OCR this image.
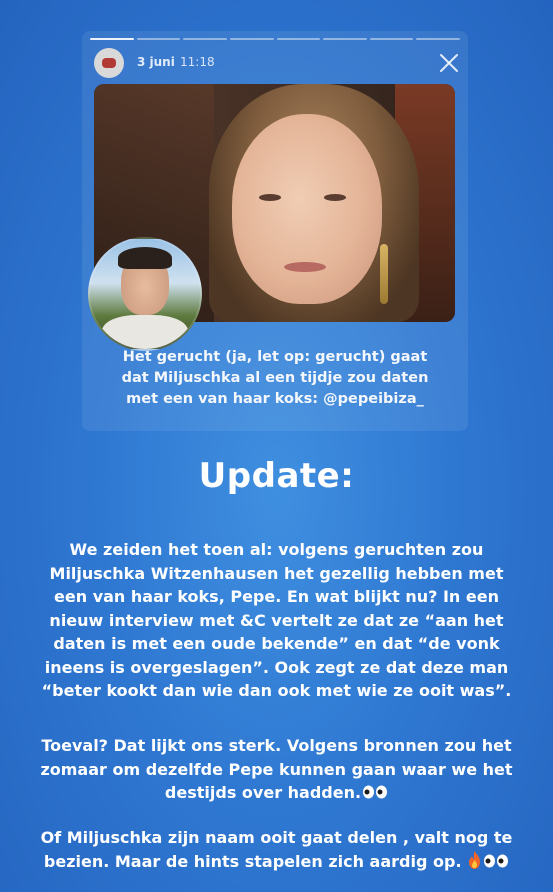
3 juni 11:18
Het gerucht (ja, let op: gerucht) gaat
dat Miljuschka al een tijdje zou daten
met een van haar koks: @pepeibiza_
Update:
We zeiden het toen al: volgens geruchten zou
Miljuschka Witzenhausen het gezellig hebben met
een van haar koks, Pepe. En wat blijkt nu? In een
nieuw interview met &C vertelt ze dat ze “aan het
daten is met een oude bekende” en dat “de vonk
ineens is overgeslagen”. Ook zegt ze dat deze man
“beter kookt dan wie dan ook met wie ze ooit was”.
Toeval? Dat lijkt ons sterk. Volgens bronnen zou het
zomaar om dezelfde Pepe kunnen gaan waar we het
destijds over hadden.
Of Miljuschka zijn naam ooit gaat delen , valt nog te
bezien. Maar de hints stapelen zich aardig op.
